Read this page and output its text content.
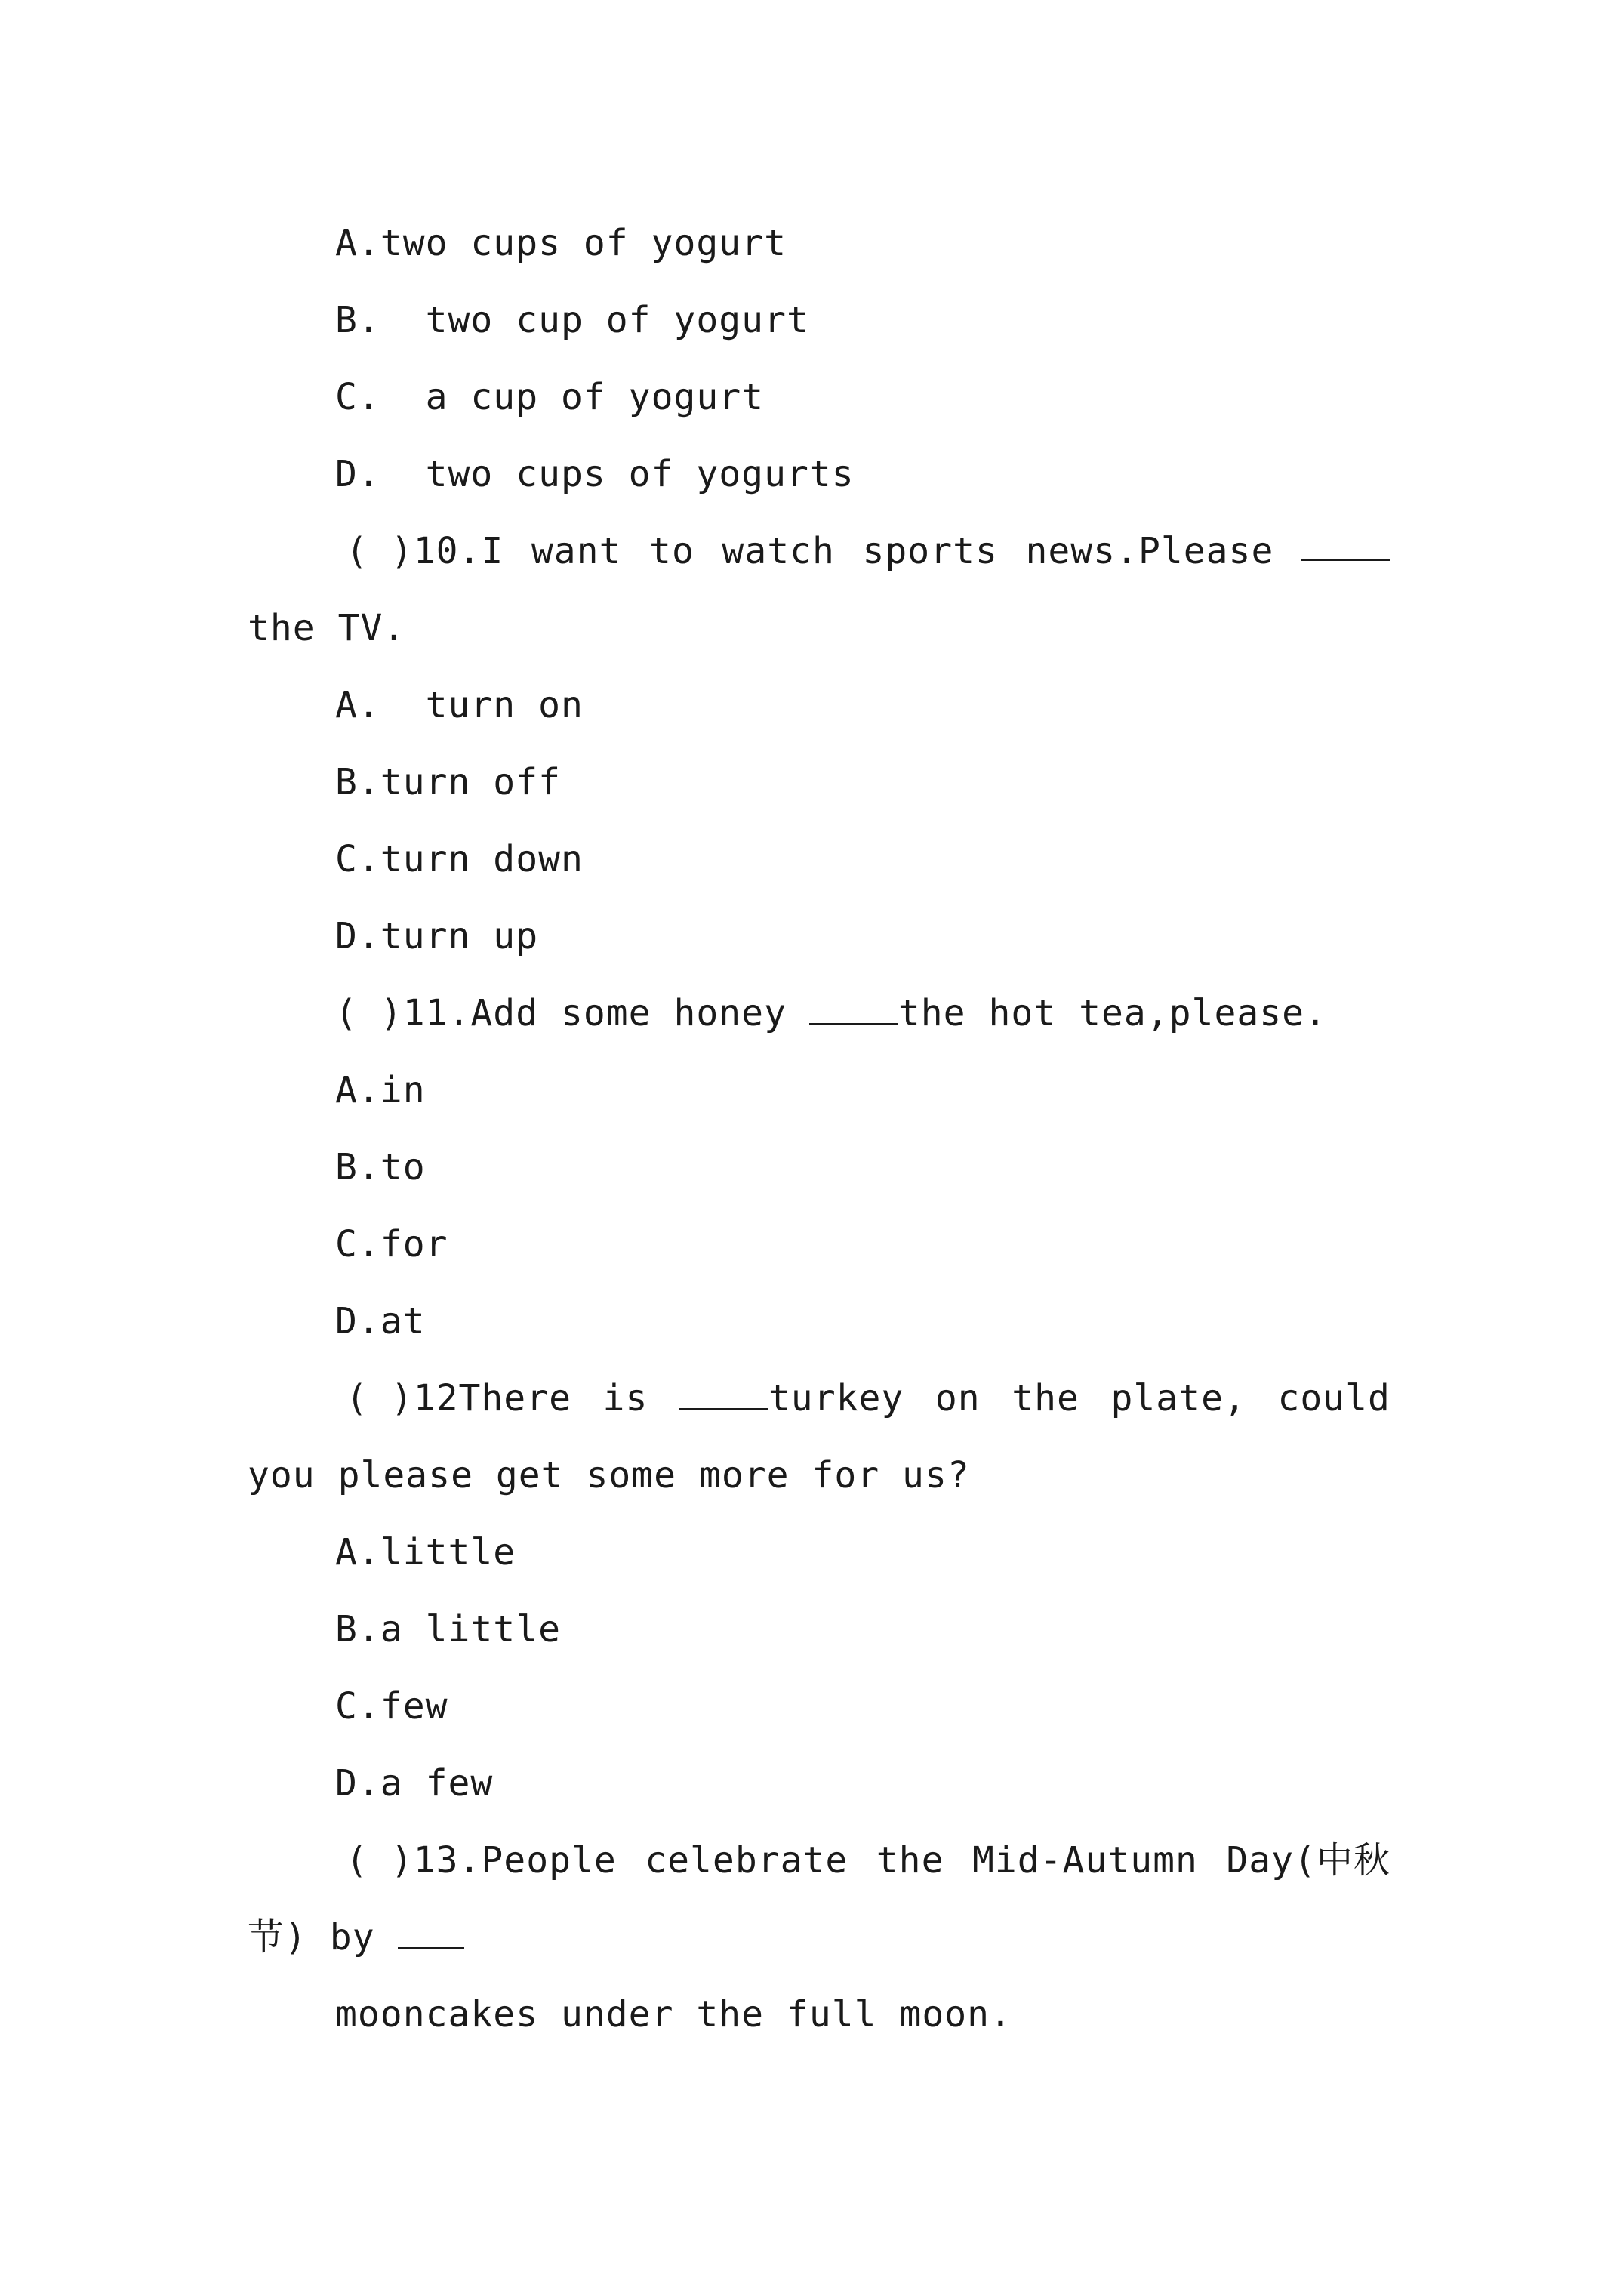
A.two cups of yogurt
B.  two cup of yogurt
C.  a cup of yogurt
D.  two cups of yogurts
( )10.I want to watch sports news.Please
the TV.
A.  turn on
B.turn off
C.turn down
D.turn up
( )11.Add some honey the hot tea,please.
A.in
B.to
C.for
D.at
( )12There is	turkey on the plate, could
you please get some more for us?
A.little
B.a little
C.few
D.a few
( )13.People celebrate the Mid-Autumn Day(中秋
节) by
mooncakes under the full moon.
